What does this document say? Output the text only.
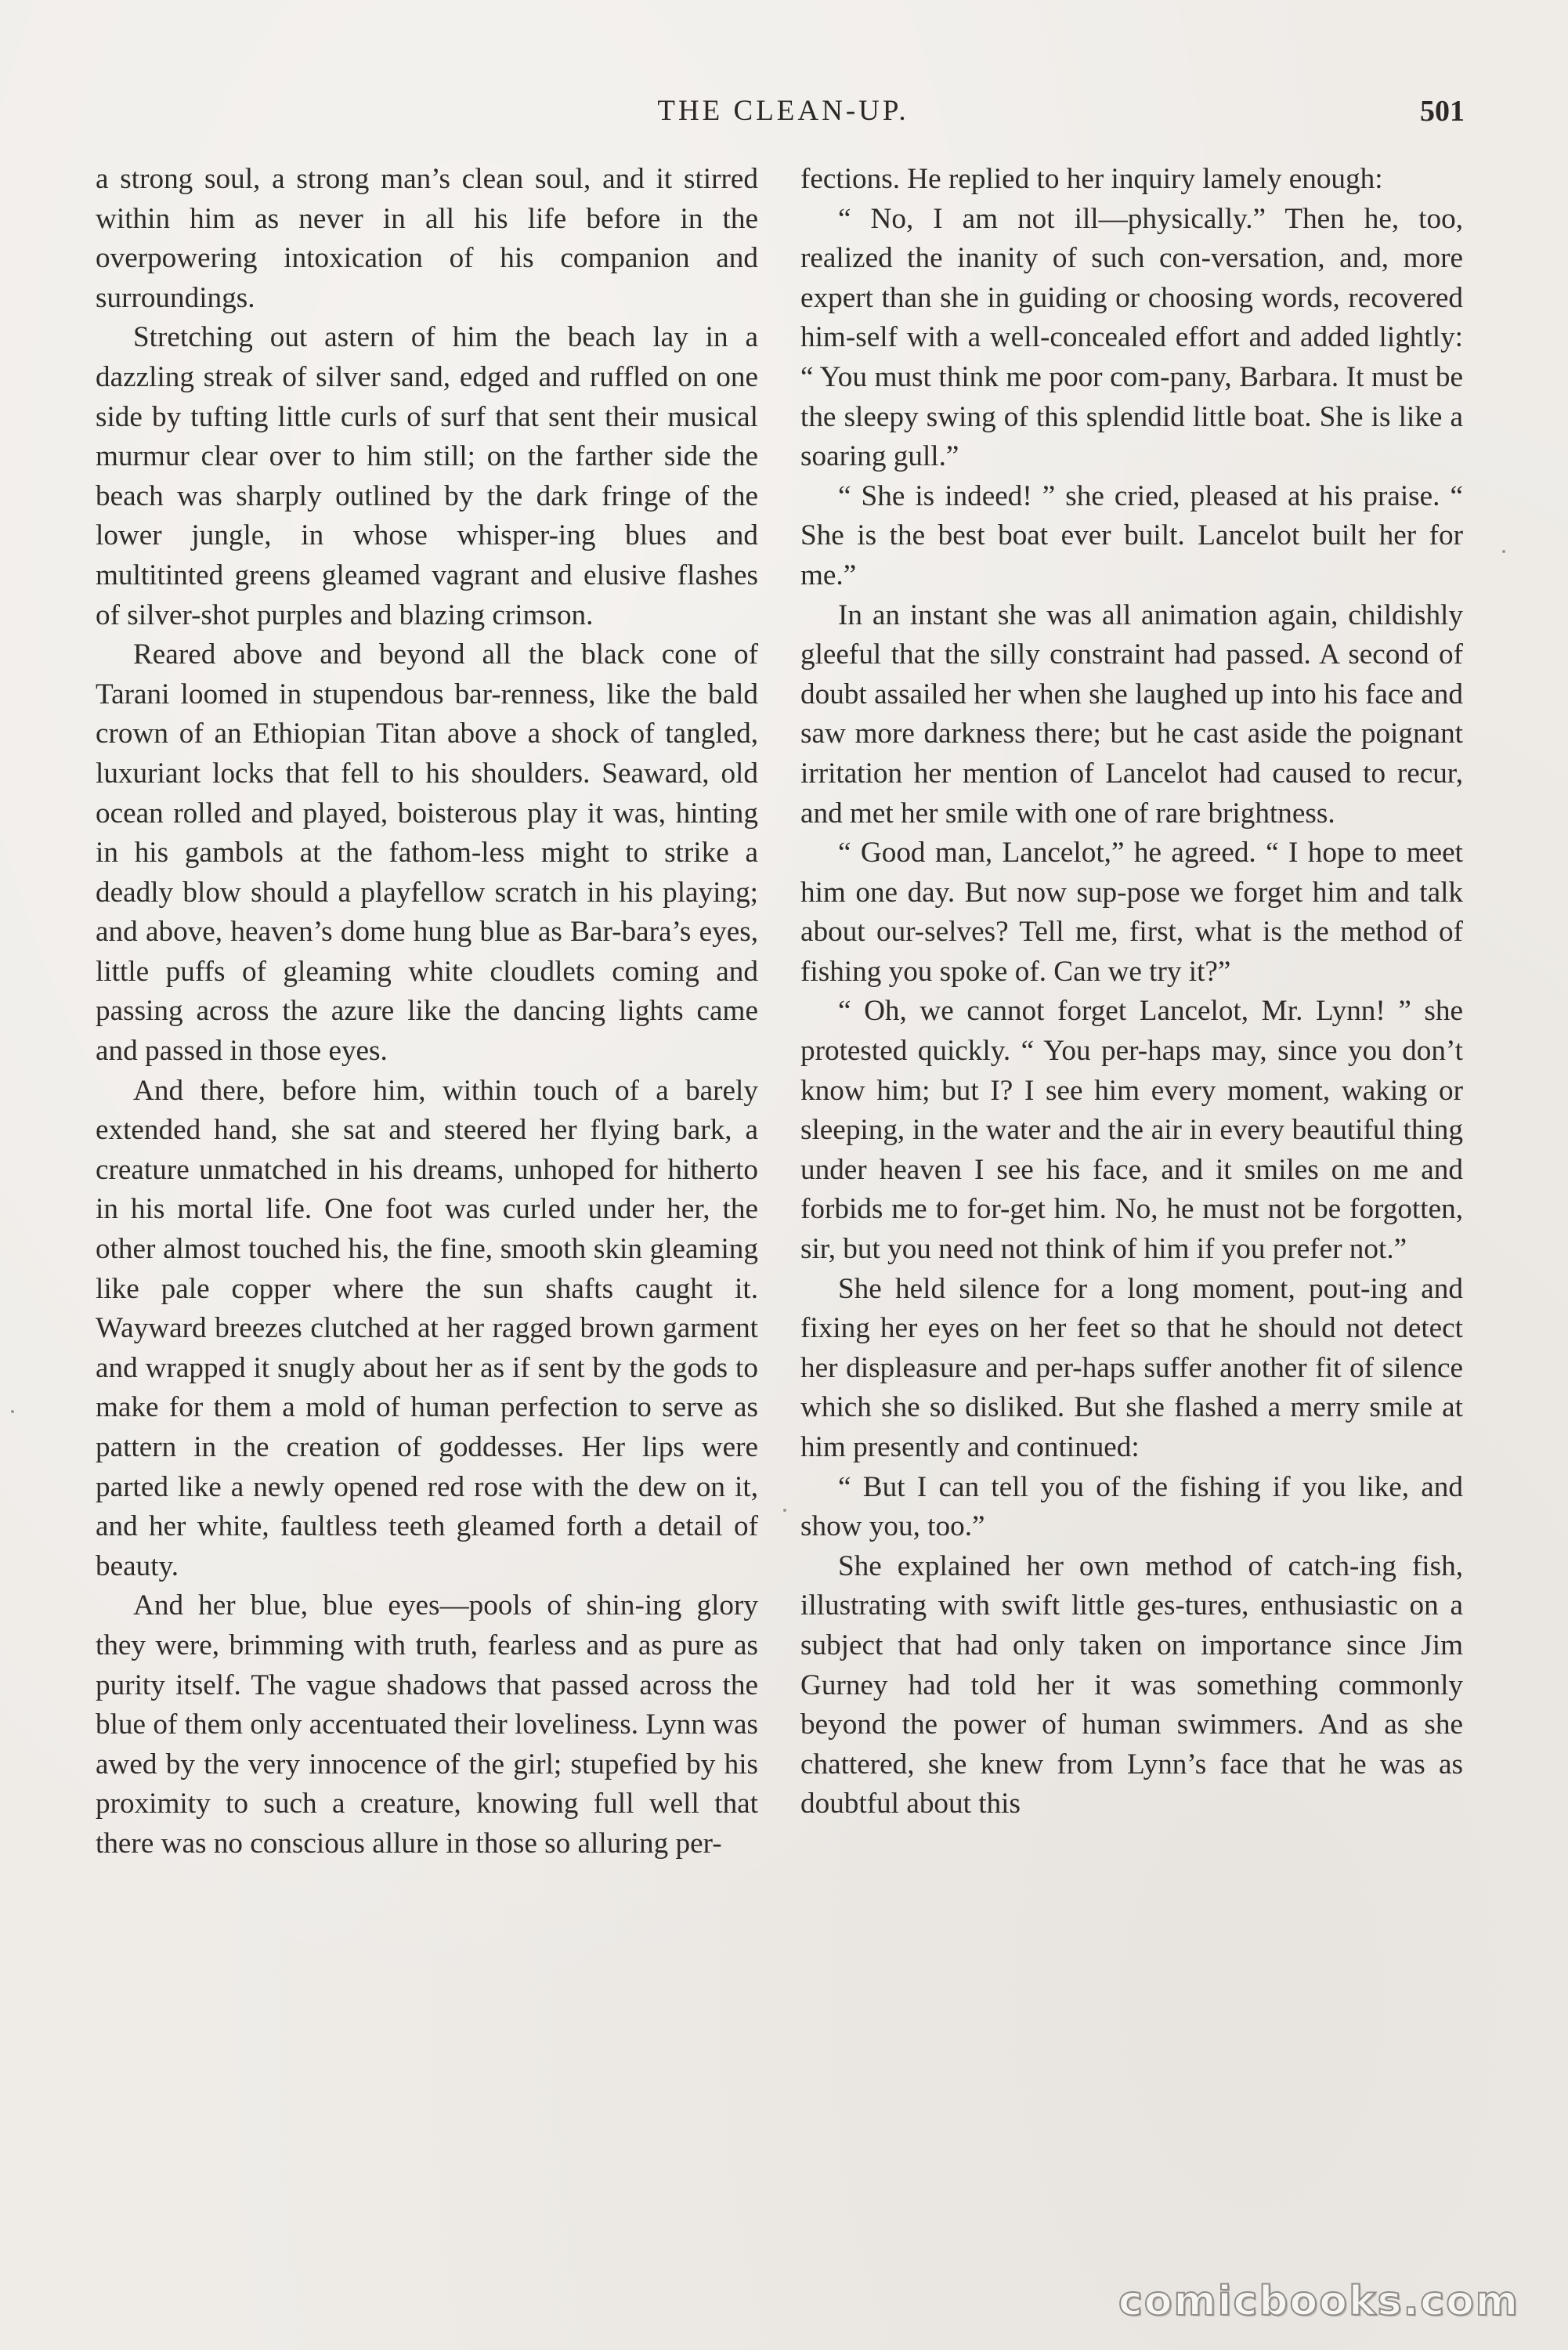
THE CLEAN-UP.	501

a strong soul, a strong man’s clean soul, and it stirred within him as never in all his life before in the overpowering intoxication of his companion and surroundings.

Stretching out astern of him the beach lay in a dazzling streak of silver sand, edged and ruffled on one side by tufting little curls of surf that sent their musical murmur clear over to him still; on the farther side the beach was sharply outlined by the dark fringe of the lower jungle, in whose whisper-ing blues and multitinted greens gleamed vagrant and elusive flashes of silver-shot purples and blazing crimson.

Reared above and beyond all the black cone of Tarani loomed in stupendous bar-renness, like the bald crown of an Ethiopian Titan above a shock of tangled, luxuriant locks that fell to his shoulders. Seaward, old ocean rolled and played, boisterous play it was, hinting in his gambols at the fathom-less might to strike a deadly blow should a playfellow scratch in his playing; and above, heaven’s dome hung blue as Bar-bara’s eyes, little puffs of gleaming white cloudlets coming and passing across the azure like the dancing lights came and passed in those eyes.

And there, before him, within touch of a barely extended hand, she sat and steered her flying bark, a creature unmatched in his dreams, unhoped for hitherto in his mortal life. One foot was curled under her, the other almost touched his, the fine, smooth skin gleaming like pale copper where the sun shafts caught it. Wayward breezes clutched at her ragged brown garment and wrapped it snugly about her as if sent by the gods to make for them a mold of human perfection to serve as pattern in the creation of goddesses. Her lips were parted like a newly opened red rose with the dew on it, and her white, faultless teeth gleamed forth a detail of beauty.

And her blue, blue eyes—pools of shin-ing glory they were, brimming with truth, fearless and as pure as purity itself. The vague shadows that passed across the blue of them only accentuated their loveliness. Lynn was awed by the very innocence of the girl; stupefied by his proximity to such a creature, knowing full well that there was no conscious allure in those so alluring per-

fections. He replied to her inquiry lamely enough:

“ No, I am not ill—physically.” Then he, too, realized the inanity of such con-versation, and, more expert than she in guiding or choosing words, recovered him-self with a well-concealed effort and added lightly: “ You must think me poor com-pany, Barbara. It must be the sleepy swing of this splendid little boat. She is like a soaring gull.”

“ She is indeed! ” she cried, pleased at his praise. “ She is the best boat ever built. Lancelot built her for me.”

In an instant she was all animation again, childishly gleeful that the silly constraint had passed. A second of doubt assailed her when she laughed up into his face and saw more darkness there; but he cast aside the poignant irritation her mention of Lancelot had caused to recur, and met her smile with one of rare brightness.

“ Good man, Lancelot,” he agreed. “ I hope to meet him one day. But now sup-pose we forget him and talk about our-selves? Tell me, first, what is the method of fishing you spoke of. Can we try it?”

“ Oh, we cannot forget Lancelot, Mr. Lynn! ” she protested quickly. “ You per-haps may, since you don’t know him; but I? I see him every moment, waking or sleeping, in the water and the air in every beautiful thing under heaven I see his face, and it smiles on me and forbids me to for-get him. No, he must not be forgotten, sir, but you need not think of him if you prefer not.”

She held silence for a long moment, pout-ing and fixing her eyes on her feet so that he should not detect her displeasure and per-haps suffer another fit of silence which she so disliked. But she flashed a merry smile at him presently and continued:

“ But I can tell you of the fishing if you like, and show you, too.”

She explained her own method of catch-ing fish, illustrating with swift little ges-tures, enthusiastic on a subject that had only taken on importance since Jim Gurney had told her it was something commonly beyond the power of human swimmers. And as she chattered, she knew from Lynn’s face that he was as doubtful about this

comicbooks.com
